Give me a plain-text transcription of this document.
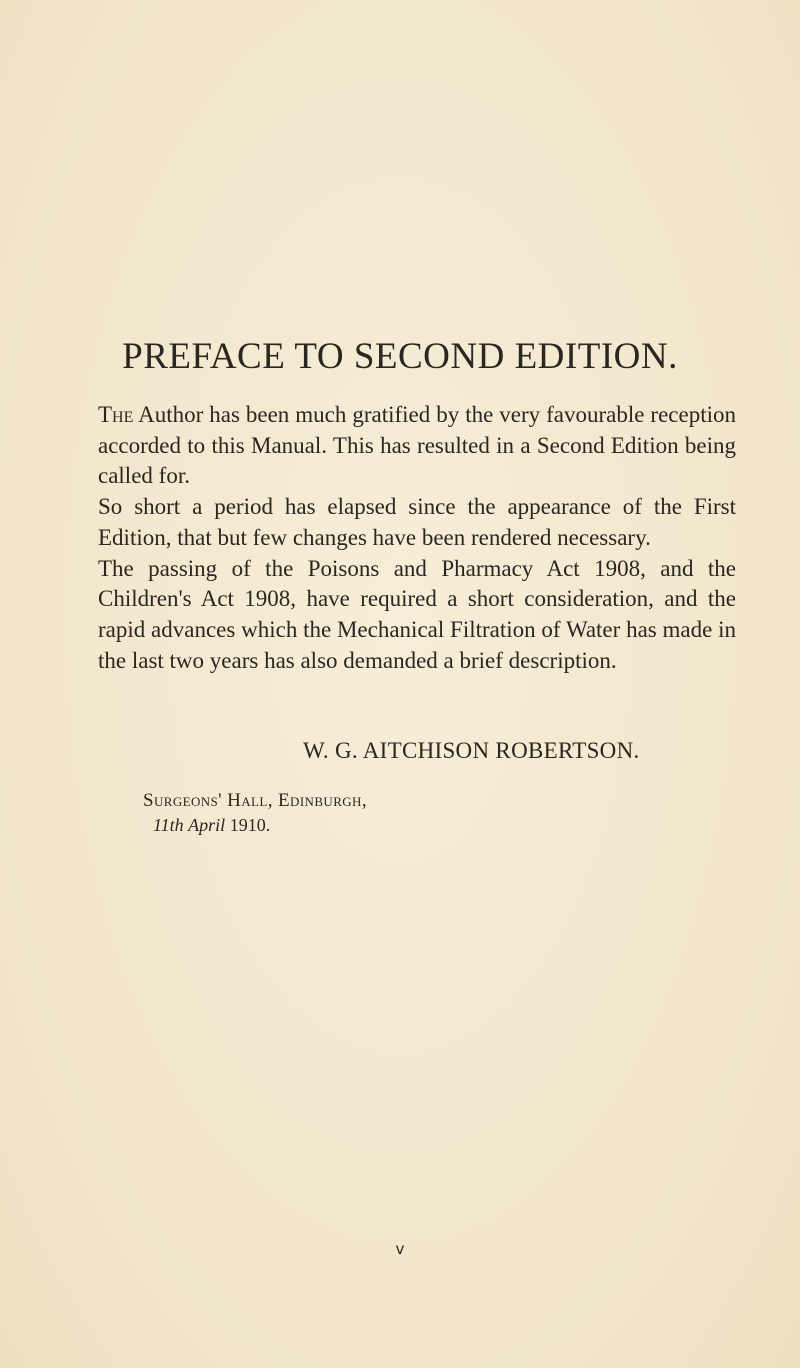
PREFACE TO SECOND EDITION.

The Author has been much gratified by the very favourable reception accorded to this Manual. This has resulted in a Second Edition being called for.

So short a period has elapsed since the appearance of the First Edition, that but few changes have been rendered necessary.

The passing of the Poisons and Pharmacy Act 1908, and the Children's Act 1908, have required a short consideration, and the rapid advances which the Mechanical Filtration of Water has made in the last two years has also demanded a brief description.

W. G. AITCHISON ROBERTSON.
Surgeons' Hall, Edinburgh,
11th April 1910.
v
